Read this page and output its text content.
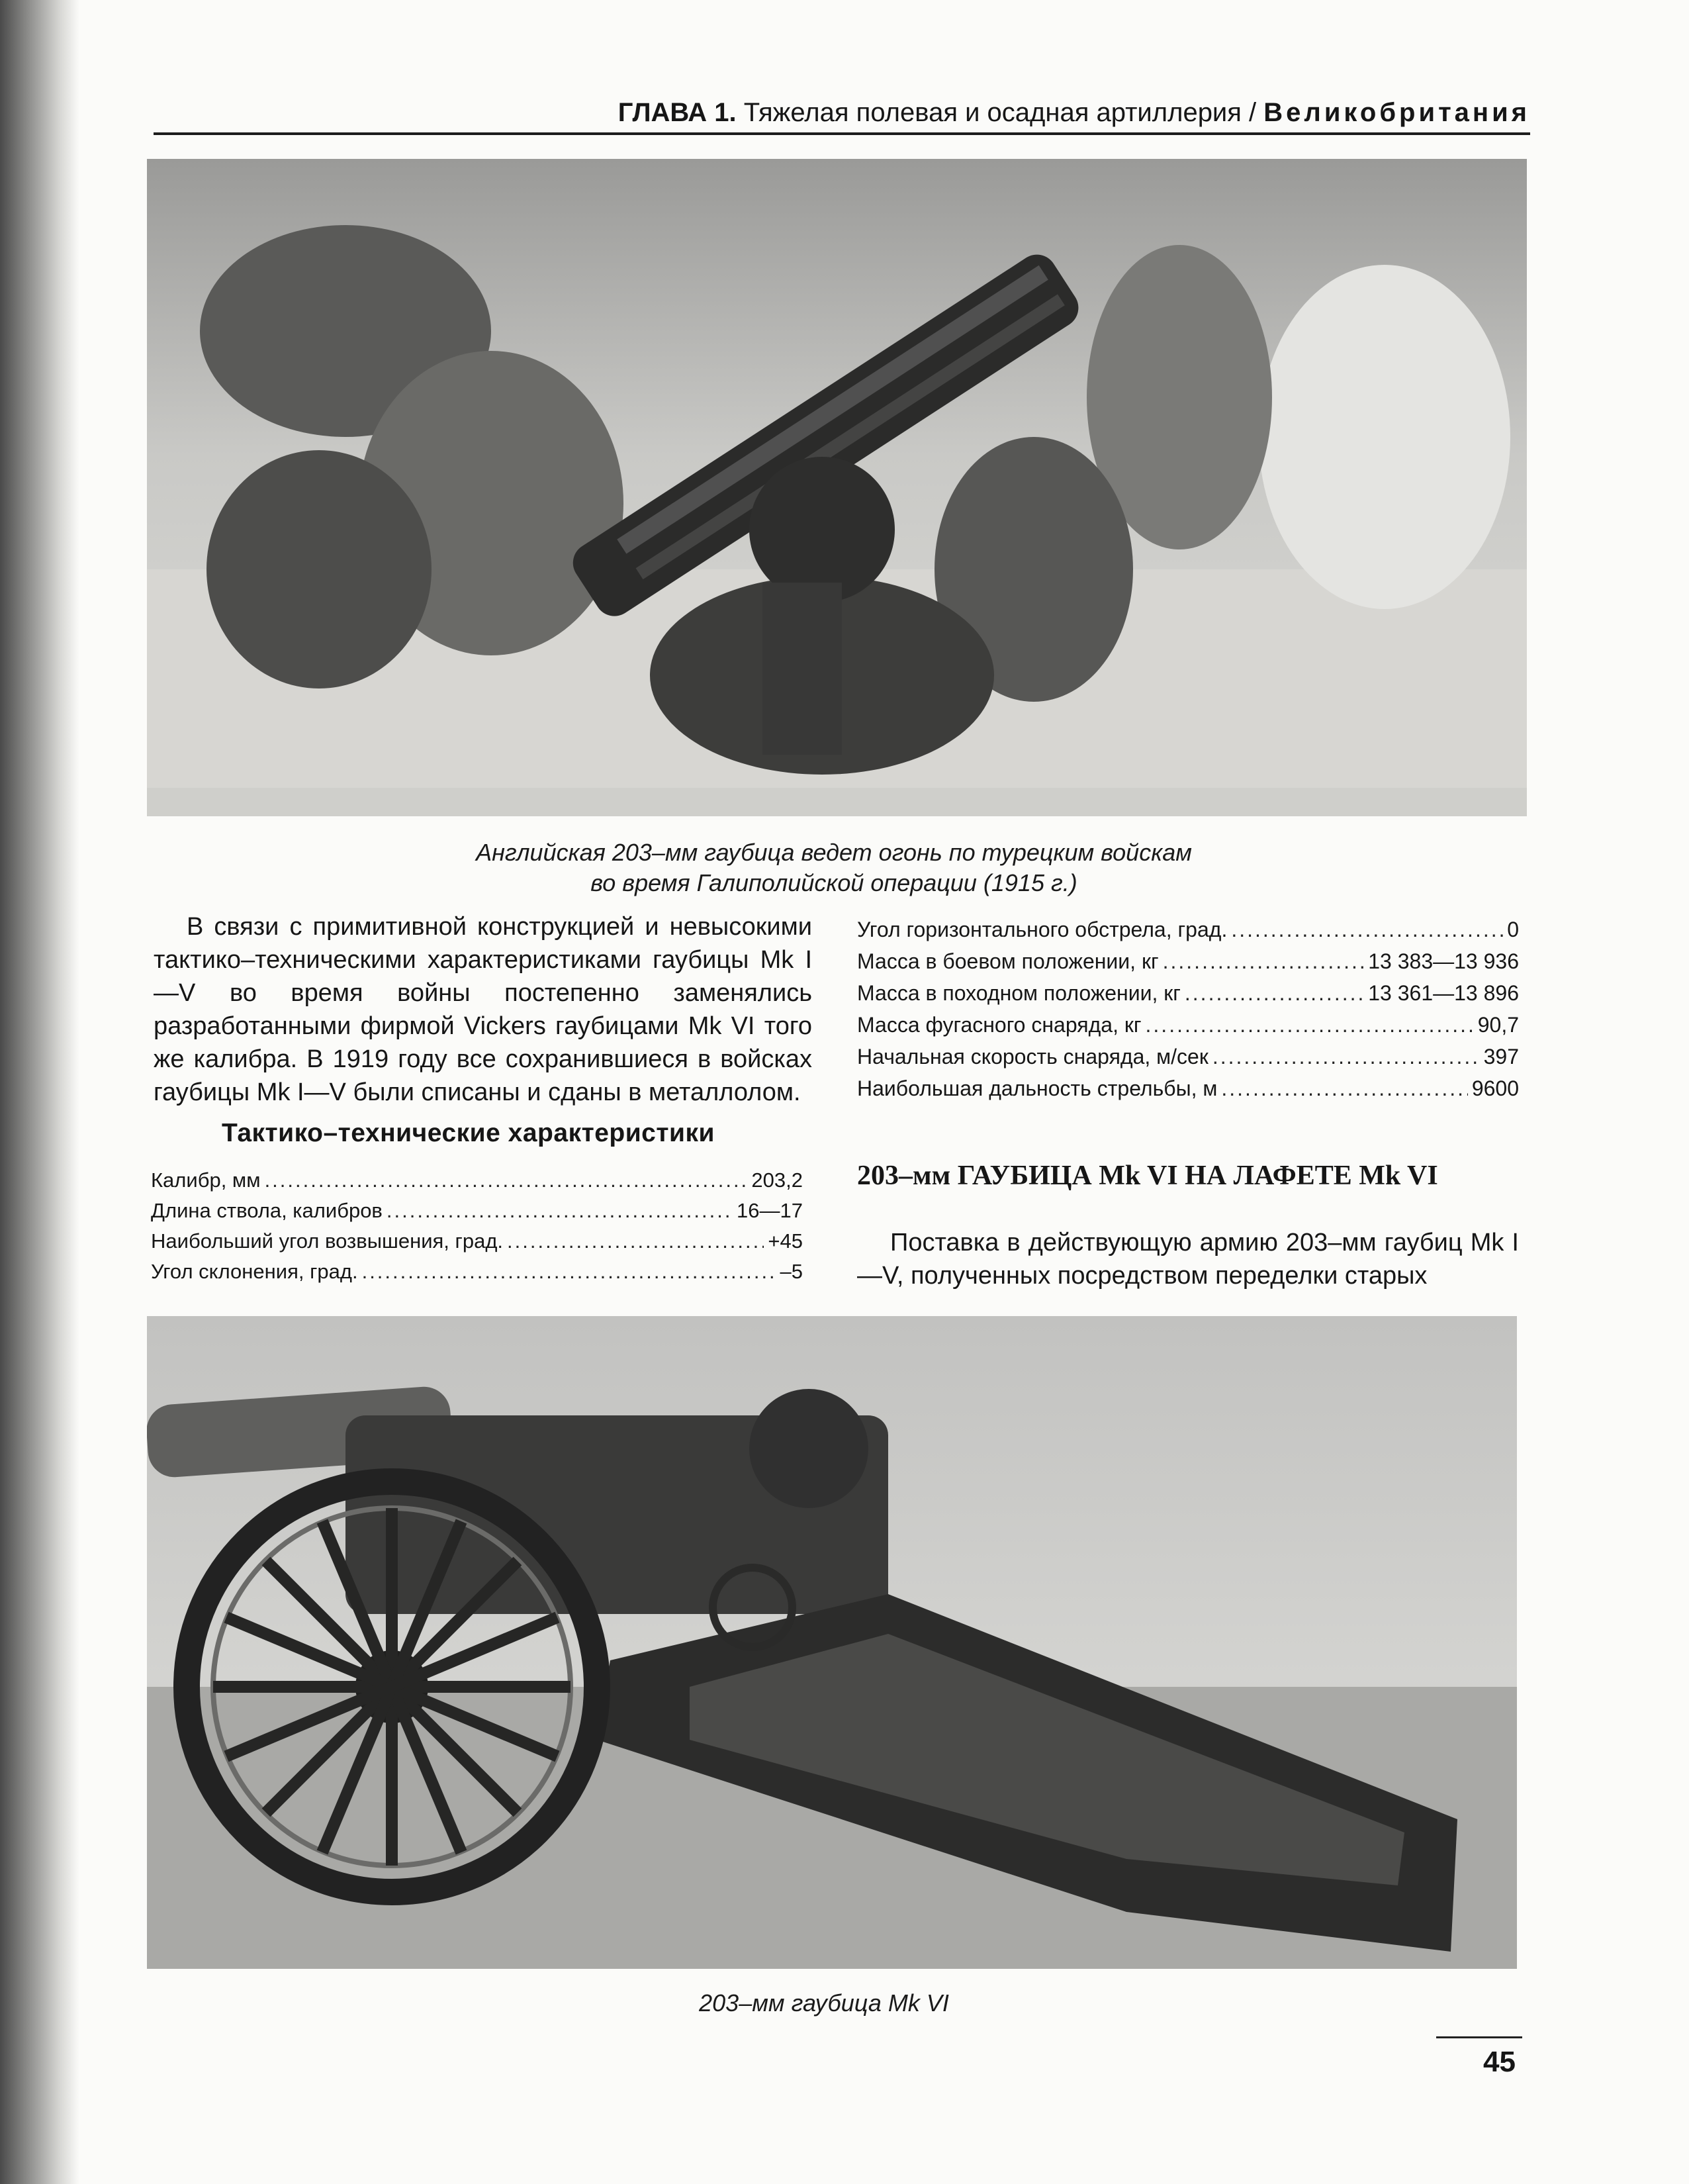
ГЛАВА 1. Тяжелая полевая и осадная артиллерия / Великобритания
Английская 203–мм гаубица ведет огонь по турецким войскам
во время Галиполийской операции (1915 г.)
В связи с примитивной конструкцией и невысокими тактико–техническими характеристиками гаубицы Mk I—V во время войны постепенно заменялись разработанными фирмой Vickers гаубицами Mk VI того же калибра. В 1919 году все сохранившиеся в войсках гаубицы Mk I—V были списаны и сданы в металлолом.
Тактико–технические характеристики
Калибр, мм .....	203,2
Длина ствола, калибров .....	16—17
Наибольший угол возвышения, град. .....	+45
Угол склонения, град. .....	–5
Угол горизонтального обстрела, град. .....	0
Масса в боевом положении, кг .....	13 383—13 936
Масса в походном положении, кг .....	13 361—13 896
Масса фугасного снаряда, кг .....	90,7
Начальная скорость снаряда, м/сек .....	397
Наибольшая дальность стрельбы, м .....	9600
203–мм ГАУБИЦА Mk VI НА ЛАФЕТЕ Mk VI
Поставка в действующую армию 203–мм гаубиц Mk I—V, полученных посредством переделки старых
203–мм гаубица Mk VI
45
